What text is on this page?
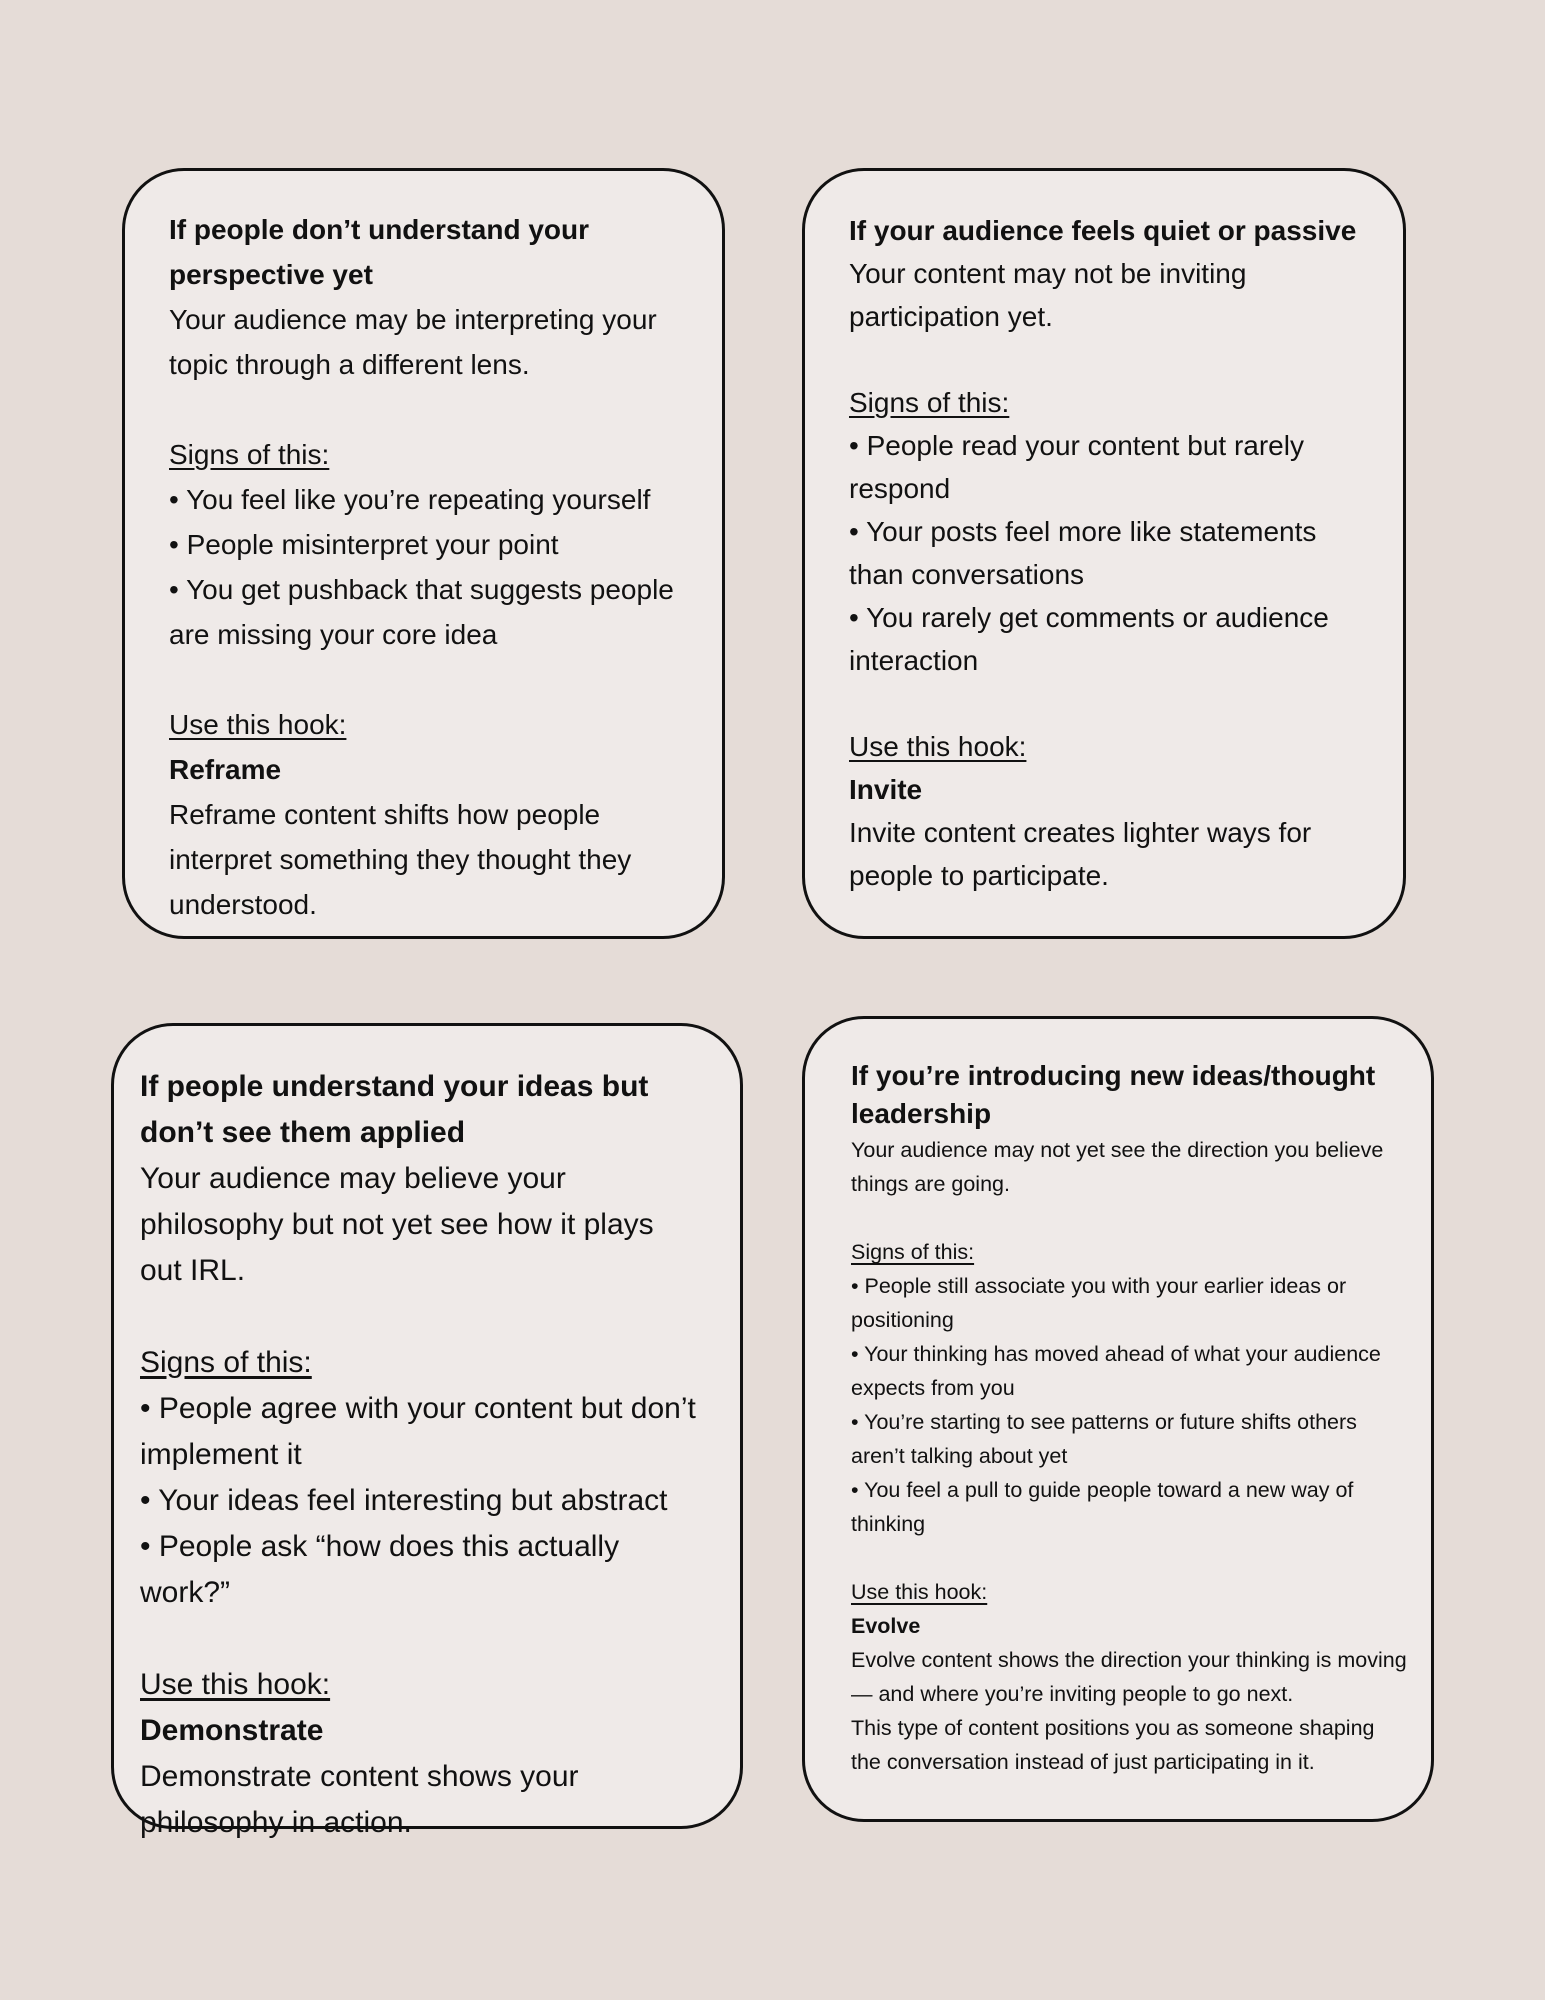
If people don’t understand your perspective yet

Your audience may be interpreting your topic through a different lens.

Signs of this:

• You feel like you’re repeating yourself

• People misinterpret your point

• You get pushback that suggests people are missing your core idea

Use this hook:

Reframe

Reframe content shifts how people interpret something they thought they understood.

If your audience feels quiet or passive

Your content may not be inviting participation yet.

Signs of this:

• People read your content but rarely respond

• Your posts feel more like statements than conversations

• You rarely get comments or audience interaction

Use this hook:

Invite

Invite content creates lighter ways for people to participate.

If people understand your ideas but don’t see them applied

Your audience may believe your philosophy but not yet see how it plays out IRL.

Signs of this:

• People agree with your content but don’t implement it

• Your ideas feel interesting but abstract

• People ask “how does this actually work?”

Use this hook:

Demonstrate

Demonstrate content shows your philosophy in action.

If you’re introducing new ideas/thought leadership

Your audience may not yet see the direction you believe things are going.

Signs of this:

• People still associate you with your earlier ideas or positioning

• Your thinking has moved ahead of what your audience expects from you

• You’re starting to see patterns or future shifts others aren’t talking about yet

• You feel a pull to guide people toward a new way of thinking

Use this hook:

Evolve

Evolve content shows the direction your thinking is moving — and where you’re inviting people to go next.

This type of content positions you as someone shaping the conversation instead of just participating in it.
